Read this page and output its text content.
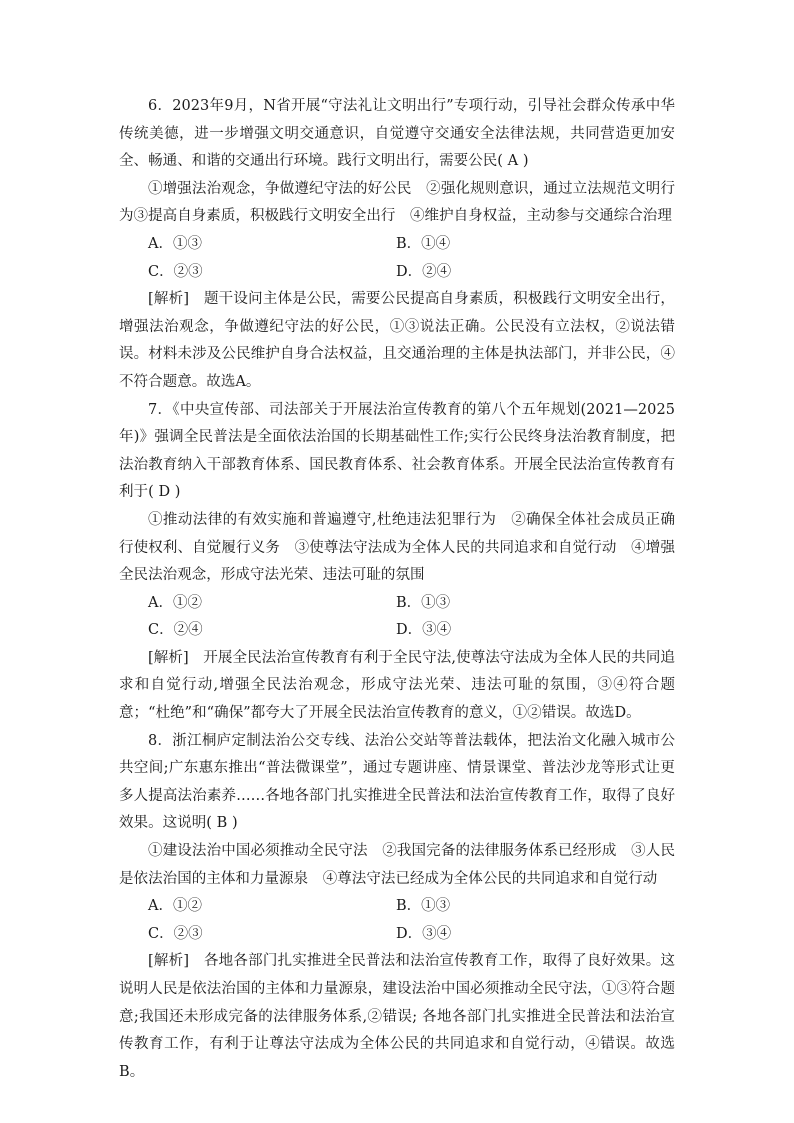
6．2023年9月，N省开展“守法礼让文明出行”专项行动，引导社会群众传承中华传统美德，进一步增强文明交通意识，自觉遵守交通安全法律法规，共同营造更加安全、畅通、和谐的交通出行环境。践行文明出行，需要公民( A )

①增强法治观念，争做遵纪守法的好公民　②强化规则意识，通过立法规范文明行为③提高自身素质，积极践行文明安全出行　④维护自身权益，主动参与交通综合治理

A．①③	B．①④
C．②③	D．②④

[解析]　 题干设问主体是公民，需要公民提高自身素质，积极践行文明安全出行，增强法治观念，争做遵纪守法的好公民，①③说法正确。公民没有立法权，②说法错误。材料未涉及公民维护自身合法权益，且交通治理的主体是执法部门，并非公民，④不符合题意。故选A。

7．《中央宣传部、司法部关于开展法治宣传教育的第八个五年规划(2021—2025年)》强调全民普法是全面依法治国的长期基础性工作;实行公民终身法治教育制度，把法治教育纳入干部教育体系、国民教育体系、社会教育体系。开展全民法治宣传教育有利于( D )

①推动法律的有效实施和普遍遵守,杜绝违法犯罪行为　②确保全体社会成员正确行使权利、自觉履行义务　③使尊法守法成为全体人民的共同追求和自觉行动　④增强全民法治观念，形成守法光荣、违法可耻的氛围

A．①②	B．①③
C．②④	D．③④

[解析]　 开展全民法治宣传教育有利于全民守法,使尊法守法成为全体人民的共同追求和自觉行动,增强全民法治观念，形成守法光荣、违法可耻的氛围，③④符合题意；“杜绝”和“确保”都夸大了开展全民法治宣传教育的意义，①②错误。故选D。

8．浙江桐庐定制法治公交专线、法治公交站等普法载体，把法治文化融入城市公共空间;广东惠东推出“普法微课堂”，通过专题讲座、情景课堂、普法沙龙等形式让更多人提高法治素养……各地各部门扎实推进全民普法和法治宣传教育工作，取得了良好效果。这说明( B )

①建设法治中国必须推动全民守法　②我国完备的法律服务体系已经形成　③人民是依法治国的主体和力量源泉　④尊法守法已经成为全体公民的共同追求和自觉行动

A．①②	B．①③
C．②③	D．③④

[解析]　 各地各部门扎实推进全民普法和法治宣传教育工作，取得了良好效果。这说明人民是依法治国的主体和力量源泉，建设法治中国必须推动全民守法，①③符合题意;我国还未形成完备的法律服务体系,②错误; 各地各部门扎实推进全民普法和法治宣传教育工作，有利于让尊法守法成为全体公民的共同追求和自觉行动，④错误。故选B。
